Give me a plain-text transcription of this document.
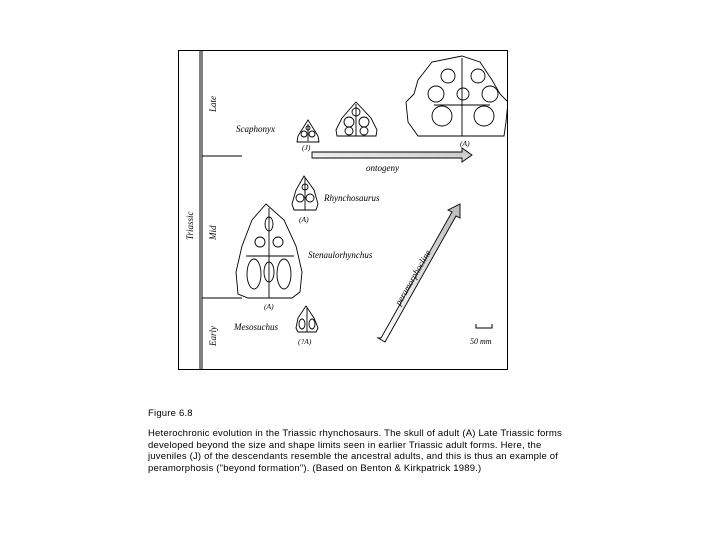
Triassic
Late
Mid
Early
Scaphonyx
(J)	(A)
ontogeny
Rhynchosaurus
(A)
Stenaulorhynchus
(A)	peramorphocline
Mesosuchus
(?A)	50 mm
Figure 6.8
Heterochronic evolution in the Triassic rhynchosaurs. The skull of adult (A) Late Triassic forms
developed beyond the size and shape limits seen in earlier Triassic adult forms. Here, the
juveniles (J) of the descendants resemble the ancestral adults, and this is thus an example of
peramorphosis ("beyond formation"). (Based on Benton & Kirkpatrick 1989.)
